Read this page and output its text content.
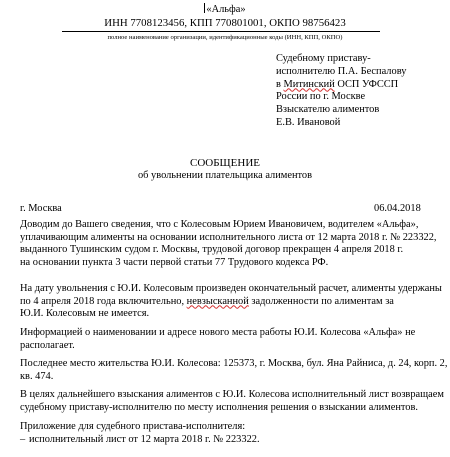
«Альфа»
ИНН 7708123456, КПП 770801001, ОКПО 98756423
полное наименование организации, идентификационные коды (ИНН, КПП, ОКПО)
Судебному приставу-
исполнителю П.А. Беспалову
в Митинский ОСП УФССП
России по г. Москве
Взыскателю алиментов
Е.В. Ивановой
СООБЩЕНИЕ
об увольнении плательщика алиментов
г. Москва	06.04.2018
Доводим до Вашего сведения, что с Колесовым Юрием Ивановичем, водителем «Альфа»,
уплачивающим алименты на основании исполнительного листа от 12 марта 2018 г. № 223322,
выданного Тушинским судом г. Москвы, трудовой договор прекращен 4 апреля 2018 г.
на основании пункта 3 части первой статьи 77 Трудового кодекса РФ.
На дату увольнения с Ю.И. Колесовым произведен окончательный расчет, алименты удержаны
по 4 апреля 2018 года включительно, невзысканной задолженности по алиментам за
Ю.И. Колесовым не имеется.
Информацией о наименовании и адресе нового места работы Ю.И. Колесова «Альфа» не
располагает.
Последнее место жительства Ю.И. Колесова: 125373, г. Москва, бул. Яна Райниса, д. 24, корп. 2,
кв. 474.
В целях дальнейшего взыскания алиментов с Ю.И. Колесова исполнительный лист возвращаем
судебному приставу-исполнителю по месту исполнения решения о взыскании алиментов.
Приложение для судебного пристава-исполнителя:
– исполнительный лист от 12 марта 2018 г. № 223322.
